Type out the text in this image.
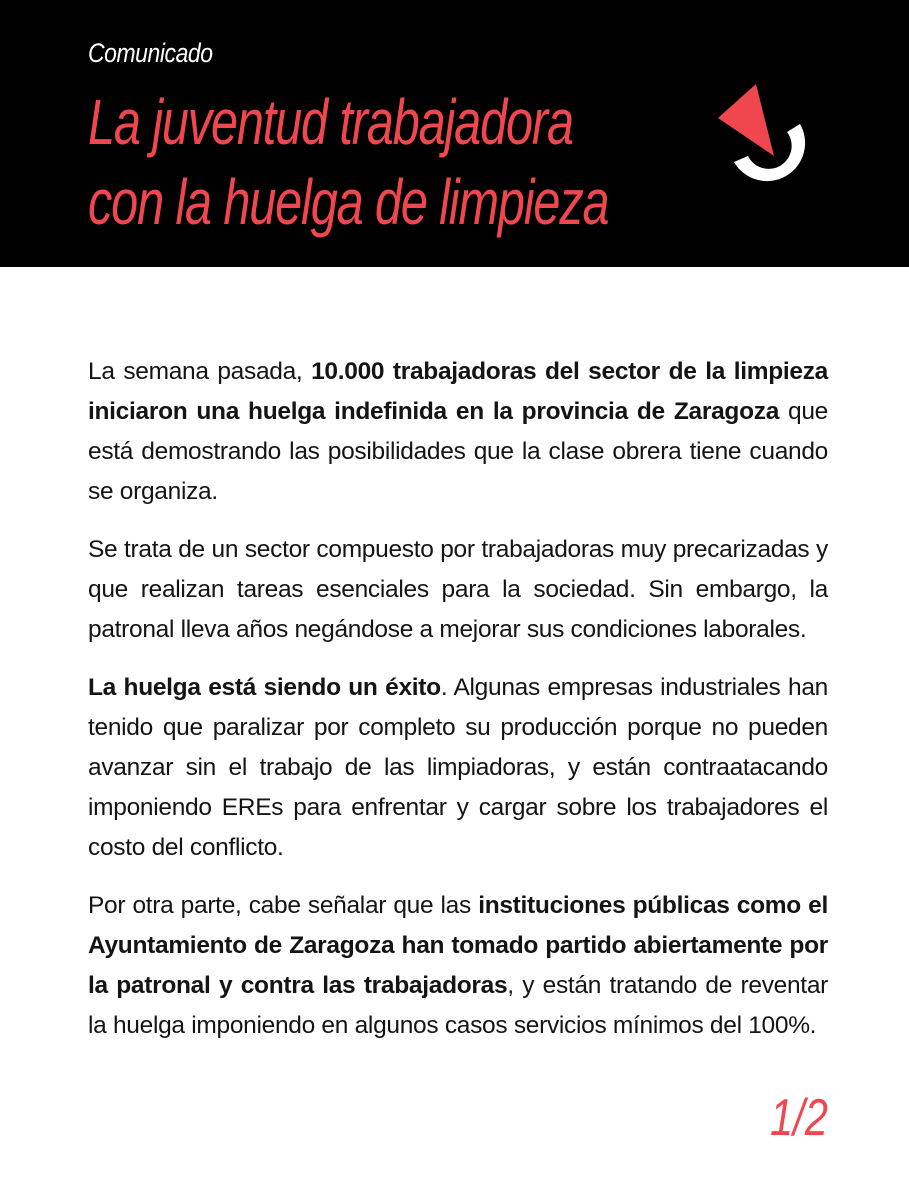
Comunicado
La juventud trabajadora
con la huelga de limpieza

La semana pasada, 10.000 trabajadoras del sector de la limpieza iniciaron una huelga indefinida en la provincia de Zaragoza que está demostrando las posibilidades que la clase obrera tiene cuando se organiza.

Se trata de un sector compuesto por trabajadoras muy precarizadas y que realizan tareas esenciales para la sociedad. Sin embargo, la patronal lleva años negándose a mejorar sus condiciones laborales.

La huelga está siendo un éxito. Algunas empresas industriales han tenido que paralizar por completo su producción porque no pueden avanzar sin el trabajo de las limpiadoras, y están contraatacando imponiendo EREs para enfrentar y cargar sobre los trabajadores el costo del conflicto.

Por otra parte, cabe señalar que las instituciones públicas como el Ayuntamiento de Zaragoza han tomado partido abiertamente por la patronal y contra las trabajadoras, y están tratando de reventar la huelga imponiendo en algunos casos servicios mínimos del 100%.

1/2
